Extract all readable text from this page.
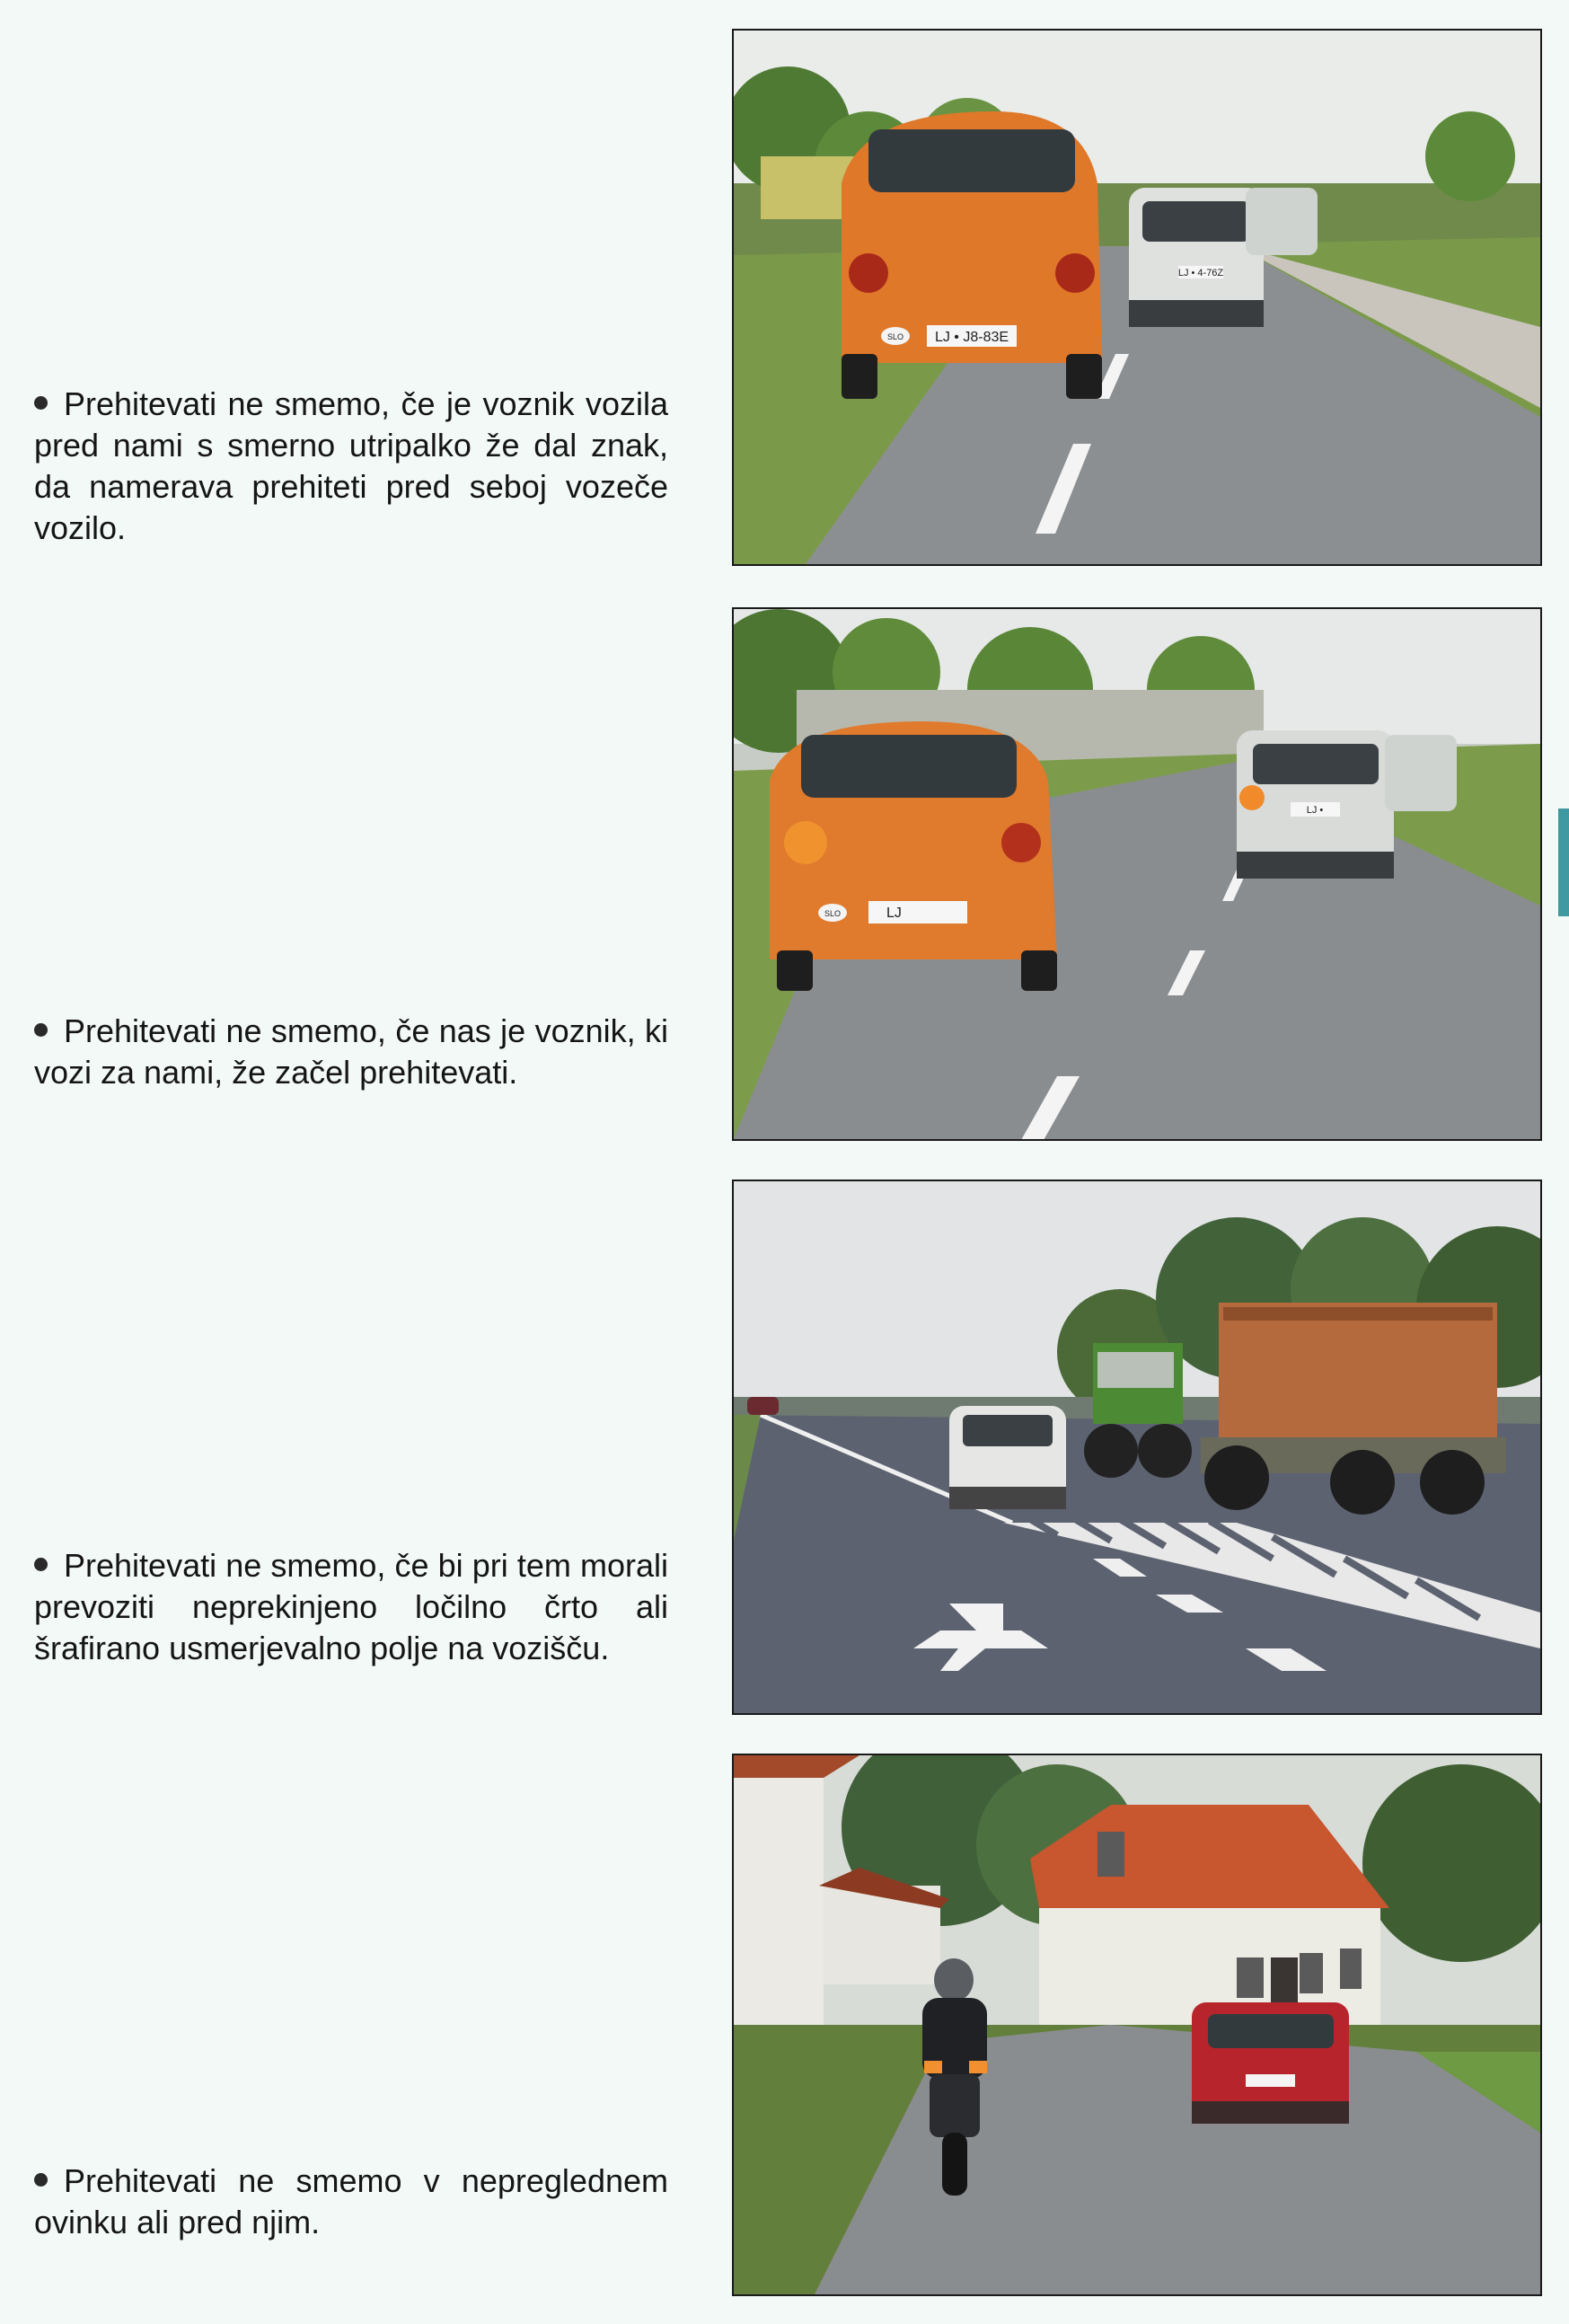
Prehitevati ne smemo, če je voznik vozila pred nami s smerno utripalko že dal znak, da namerava prehiteti pred seboj vozeče vozilo.

Prehitevati ne smemo, če nas je voznik, ki vozi za nami, že začel prehitevati.

Prehitevati ne smemo, če bi pri tem morali prevoziti neprekinjeno ločilno črto ali šrafirano usmerjevalno polje na vozišču.

Prehitevati ne smemo v nepreglednem ovinku ali pred njim.

LJ • 4-76Z
LJ • J8-83E
SLO
LJ •
LJ
SLO
